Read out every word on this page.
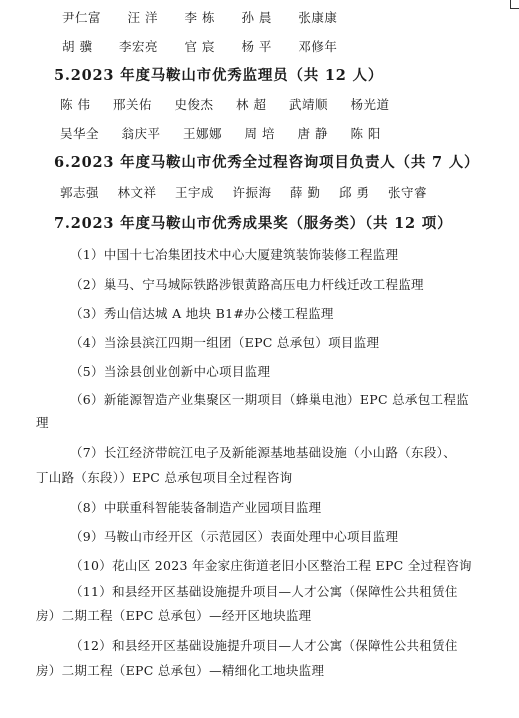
尹仁富 汪 洋 李 栋 孙 晨 张康康
胡 骥 李宏亮 官 宸 杨 平 邓修年
5.2023 年度马鞍山市优秀监理员（共 12 人）
陈 伟 邢关佑 史俊杰 林 超 武靖顺 杨光道
吴华全 翁庆平 王娜娜 周 培 唐 静 陈 阳
6.2023 年度马鞍山市优秀全过程咨询项目负责人（共 7 人）
郭志强 林文祥 王宇成 许振海 薛 勤 邱 勇 张守睿
7.2023 年度马鞍山市优秀成果奖（服务类）（共 12 项）
（1）中国十七冶集团技术中心大厦建筑装饰装修工程监理
（2）巢马、宁马城际铁路涉银黄路高压电力杆线迁改工程监理
（3）秀山信达城 A 地块 B1#办公楼工程监理
（4）当涂县滨江四期一组团（EPC 总承包）项目监理
（5）当涂县创业创新中心项目监理
（6）新能源智造产业集聚区一期项目（蜂巢电池）EPC 总承包工程监
理
（7）长江经济带皖江电子及新能源基地基础设施（小山路（东段）、
丁山路（东段））EPC 总承包项目全过程咨询
（8）中联重科智能装备制造产业园项目监理
（9）马鞍山市经开区（示范园区）表面处理中心项目监理
（10）花山区 2023 年金家庄街道老旧小区整治工程 EPC 全过程咨询
（11）和县经开区基础设施提升项目—人才公寓（保障性公共租赁住
房）二期工程（EPC 总承包）—经开区地块监理
（12）和县经开区基础设施提升项目—人才公寓（保障性公共租赁住
房）二期工程（EPC 总承包）—精细化工地块监理
